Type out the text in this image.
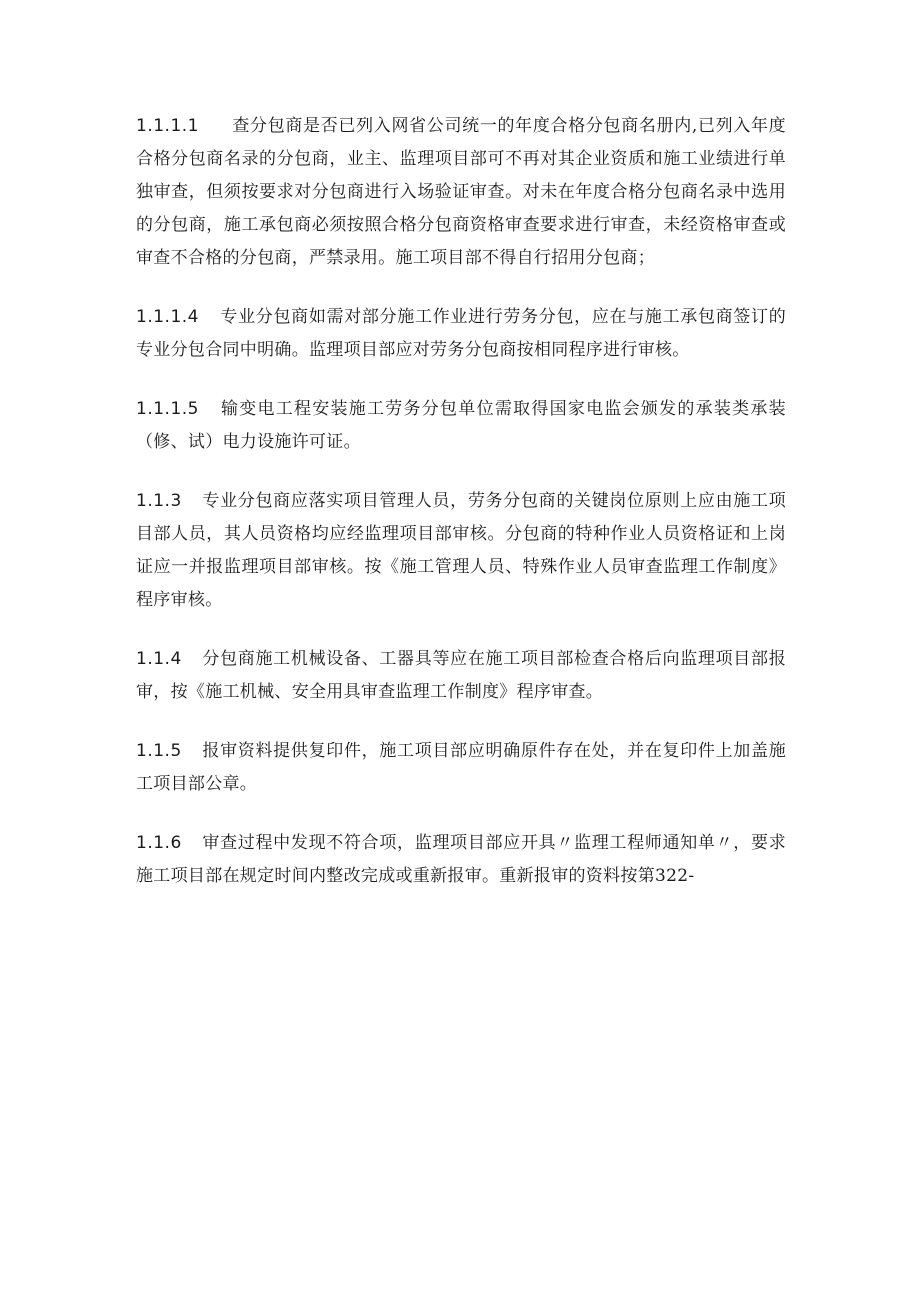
1.1.1.1 查分包商是否已列入网省公司统一的年度合格分包商名册内,已列入年度合格分包商名录的分包商，业主、监理项目部可不再对其企业资质和施工业绩进行单独审查，但须按要求对分包商进行入场验证审查。对未在年度合格分包商名录中选用的分包商，施工承包商必须按照合格分包商资格审查要求进行审查，未经资格审查或审查不合格的分包商，严禁录用。施工项目部不得自行招用分包商；

1.1.1.4 专业分包商如需对部分施工作业进行劳务分包，应在与施工承包商签订的专业分包合同中明确。监理项目部应对劳务分包商按相同程序进行审核。

1.1.1.5 输变电工程安装施工劳务分包单位需取得国家电监会颁发的承装类承装（修、试）电力设施许可证。

1.1.3 专业分包商应落实项目管理人员，劳务分包商的关键岗位原则上应由施工项目部人员，其人员资格均应经监理项目部审核。分包商的特种作业人员资格证和上岗证应一并报监理项目部审核。按《施工管理人员、特殊作业人员审查监理工作制度》程序审核。

1.1.4 分包商施工机械设备、工器具等应在施工项目部检查合格后向监理项目部报审，按《施工机械、安全用具审查监理工作制度》程序审查。

1.1.5 报审资料提供复印件，施工项目部应明确原件存在处，并在复印件上加盖施工项目部公章。

1.1.6 审查过程中发现不符合项，监理项目部应开具〃监理工程师通知单〃，要求施工项目部在规定时间内整改完成或重新报审。重新报审的资料按第322-
